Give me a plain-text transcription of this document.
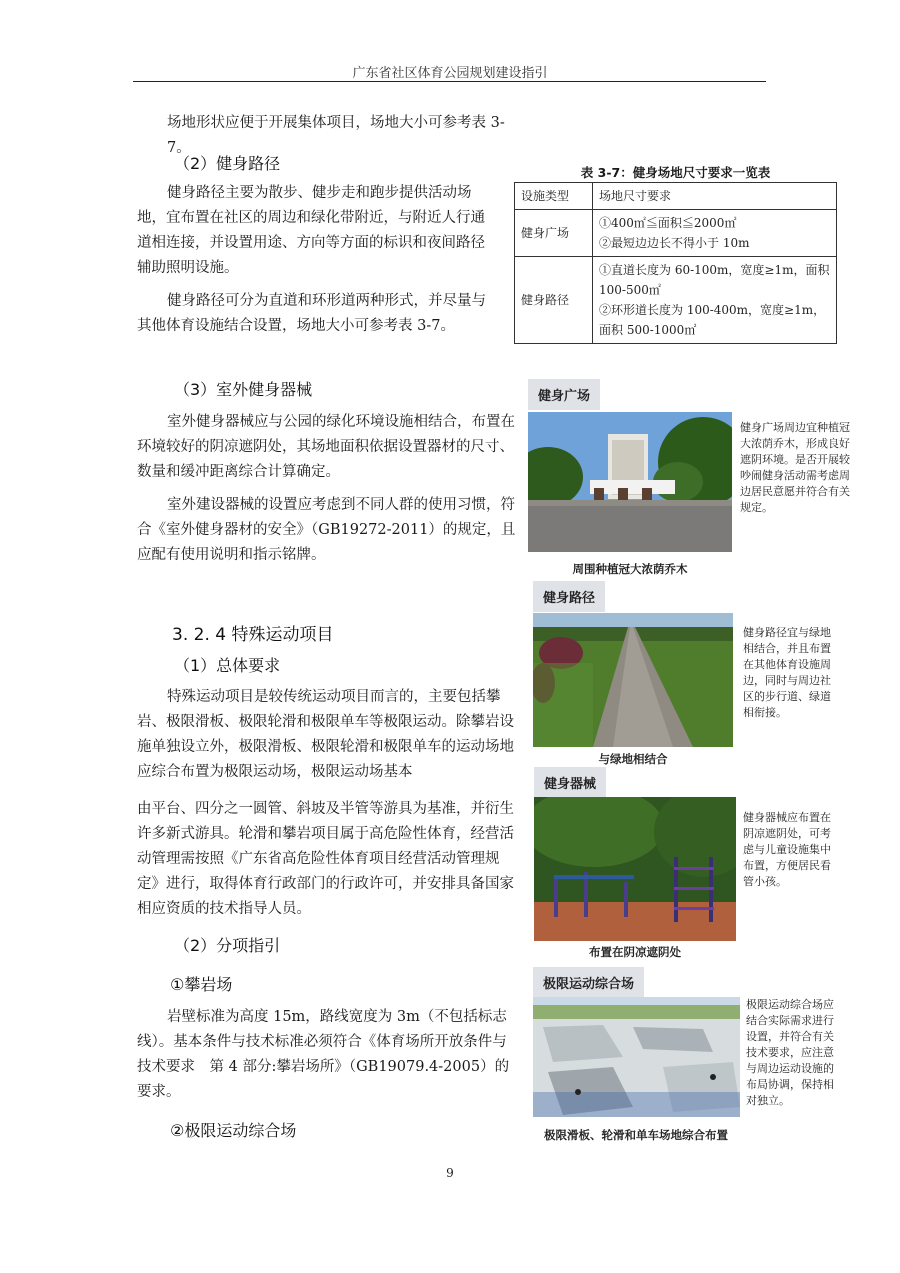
广东省社区体育公园规划建设指引
场地形状应便于开展集体项目，场地大小可参考表 3-7。
（2）健身路径
健身路径主要为散步、健步走和跑步提供活动场地，宜布置在社区的周边和绿化带附近，与附近人行通道相连接，并设置用途、方向等方面的标识和夜间路径辅助照明设施。
健身路径可分为直道和环形道两种形式，并尽量与其他体育设施结合设置，场地大小可参考表 3-7。
表 3-7：健身场地尺寸要求一览表
设施类型	场地尺寸要求
健身广场	①400㎡≦面积≦2000㎡
②最短边边长不得小于 10m

健身路径	①直道长度为 60-100m，宽度≥1m，面积 100-500㎡
②环形道长度为 100-400m，宽度≥1m，面积 500-1000㎡
（3）室外健身器械
室外健身器械应与公园的绿化环境设施相结合，布置在环境较好的阴凉遮阴处，其场地面积依据设置器材的尺寸、数量和缓冲距离综合计算确定。
室外建设器械的设置应考虑到不同人群的使用习惯，符合《室外健身器材的安全》（GB19272-2011）的规定，且应配有使用说明和指示铭牌。
3. 2. 4 特殊运动项目
（1）总体要求
特殊运动项目是较传统运动项目而言的，主要包括攀岩、极限滑板、极限轮滑和极限单车等极限运动。除攀岩设施单独设立外，极限滑板、极限轮滑和极限单车的运动场地应综合布置为极限运动场，极限运动场基本
由平台、四分之一圆管、斜坡及半管等游具为基准，并衍生许多新式游具。轮滑和攀岩项目属于高危险性体育，经营活动管理需按照《广东省高危险性体育项目经营活动管理规定》进行，取得体育行政部门的行政许可，并安排具备国家相应资质的技术指导人员。
（2）分项指引
①攀岩场
岩壁标准为高度 15m，路线宽度为 3m（不包括标志线）。基本条件与技术标准必须符合《体育场所开放条件与技术要求　第 4 部分:攀岩场所》（GB19079.4-2005）的要求。
②极限运动综合场
健身广场
健身广场周边宜种植冠大浓荫乔木，形成良好遮阴环境。是否开展较吵闹健身活动需考虑周边居民意愿并符合有关规定。
周围种植冠大浓荫乔木
健身路径
健身路径宜与绿地相结合，并且布置在其他体育设施周边，同时与周边社区的步行道、绿道相衔接。
与绿地相结合
健身器械
健身器械应布置在阴凉遮阴处，可考虑与儿童设施集中布置，方便居民看管小孩。
布置在阴凉遮阴处
极限运动综合场
极限运动综合场应结合实际需求进行设置，并符合有关技术要求，应注意与周边运动设施的布局协调，保持相对独立。
极限滑板、轮滑和单车场地综合布置
9
